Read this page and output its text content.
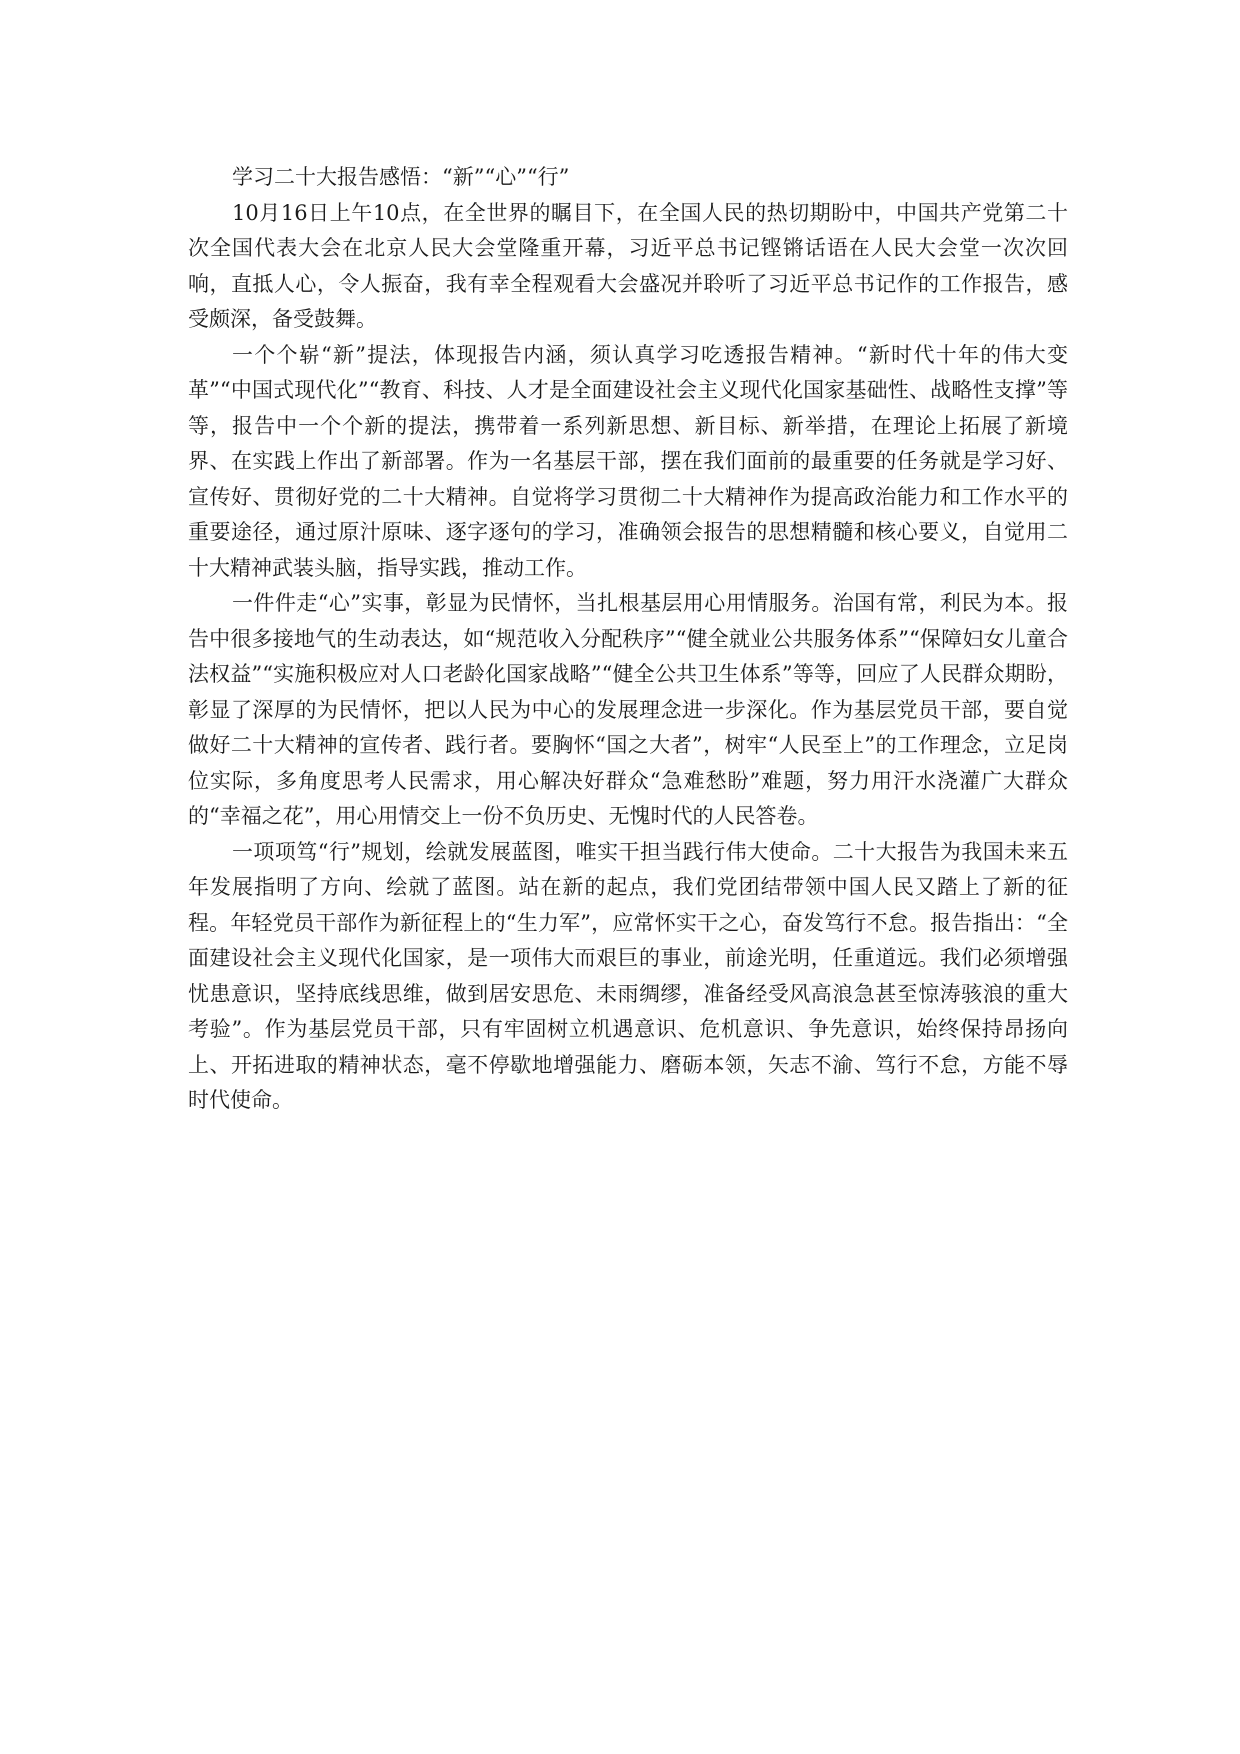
学习二十大报告感悟：“新”“心”“行”

10月16日上午10点，在全世界的瞩目下，在全国人民的热切期盼中，中国共产党第二十次全国代表大会在北京人民大会堂隆重开幕，习近平总书记铿锵话语在人民大会堂一次次回响，直抵人心，令人振奋，我有幸全程观看大会盛况并聆听了习近平总书记作的工作报告，感受颇深，备受鼓舞。

一个个崭“新”提法，体现报告内涵，须认真学习吃透报告精神。“新时代十年的伟大变革”“中国式现代化”“教育、科技、人才是全面建设社会主义现代化国家基础性、战略性支撑”等等，报告中一个个新的提法，携带着一系列新思想、新目标、新举措，在理论上拓展了新境界、在实践上作出了新部署。作为一名基层干部，摆在我们面前的最重要的任务就是学习好、宣传好、贯彻好党的二十大精神。自觉将学习贯彻二十大精神作为提高政治能力和工作水平的重要途径，通过原汁原味、逐字逐句的学习，准确领会报告的思想精髓和核心要义，自觉用二十大精神武装头脑，指导实践，推动工作。

一件件走“心”实事，彰显为民情怀，当扎根基层用心用情服务。治国有常，利民为本。报告中很多接地气的生动表达，如“规范收入分配秩序”“健全就业公共服务体系”“保障妇女儿童合法权益”“实施积极应对人口老龄化国家战略”“健全公共卫生体系”等等，回应了人民群众期盼，彰显了深厚的为民情怀，把以人民为中心的发展理念进一步深化。作为基层党员干部，要自觉做好二十大精神的宣传者、践行者。要胸怀“国之大者”，树牢“人民至上”的工作理念，立足岗位实际，多角度思考人民需求，用心解决好群众“急难愁盼”难题，努力用汗水浇灌广大群众的“幸福之花”，用心用情交上一份不负历史、无愧时代的人民答卷。

一项项笃“行”规划，绘就发展蓝图，唯实干担当践行伟大使命。二十大报告为我国未来五年发展指明了方向、绘就了蓝图。站在新的起点，我们党团结带领中国人民又踏上了新的征程。年轻党员干部作为新征程上的“生力军”，应常怀实干之心，奋发笃行不怠。报告指出：“全面建设社会主义现代化国家，是一项伟大而艰巨的事业，前途光明，任重道远。我们必须增强忧患意识，坚持底线思维，做到居安思危、未雨绸缪，准备经受风高浪急甚至惊涛骇浪的重大考验”。作为基层党员干部，只有牢固树立机遇意识、危机意识、争先意识，始终保持昂扬向上、开拓进取的精神状态，毫不停歇地增强能力、磨砺本领，矢志不渝、笃行不怠，方能不辱时代使命。
